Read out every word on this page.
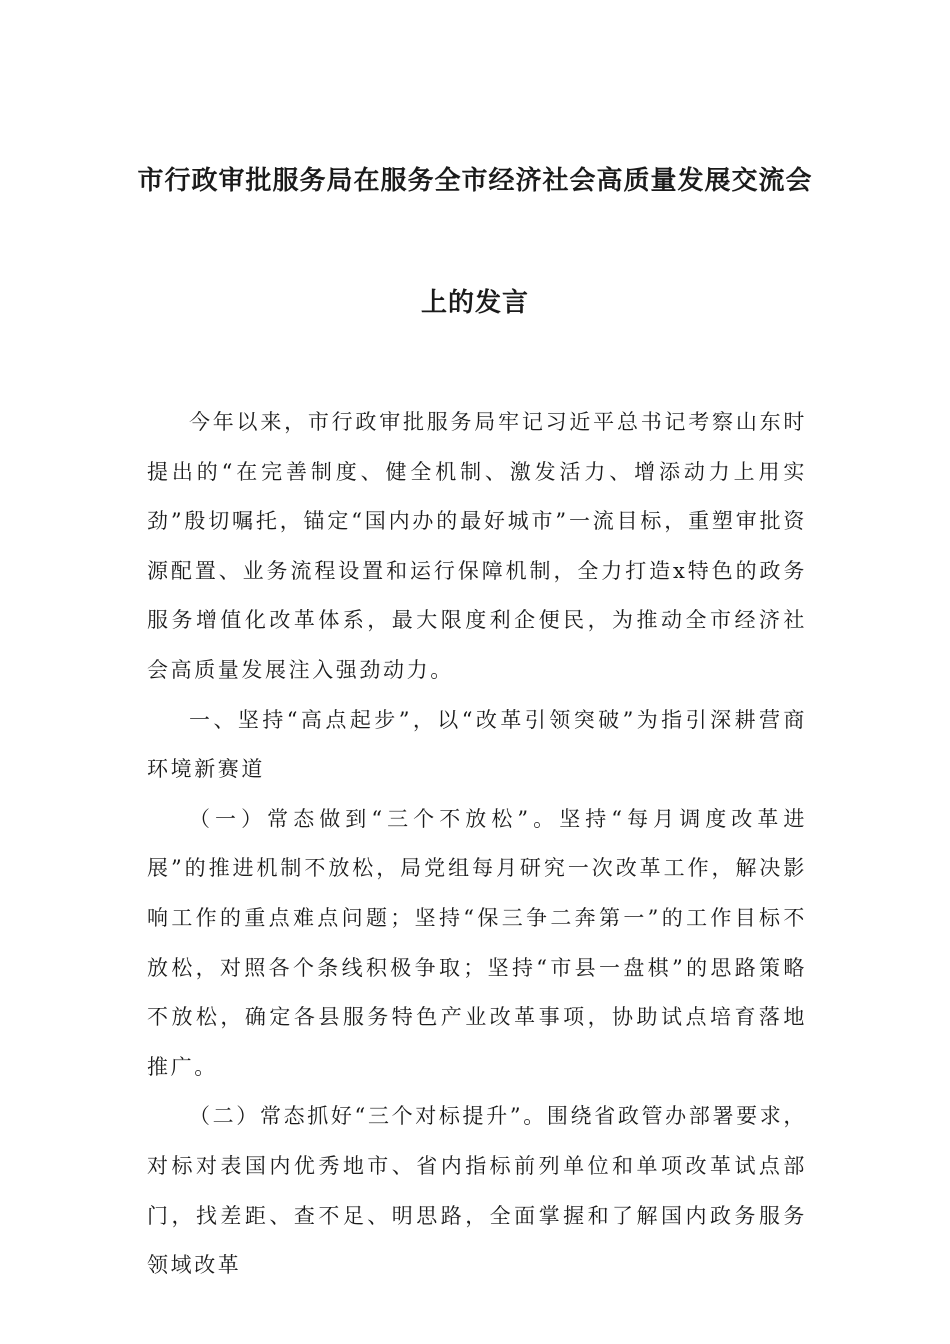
市行政审批服务局在服务全市经济社会高质量发展交流会
上的发言

今年以来，市行政审批服务局牢记习近平总书记考察山东时提出的“在完善制度、健全机制、激发活力、增添动力上用实劲”殷切嘱托，锚定“国内办的最好城市”一流目标，重塑审批资源配置、业务流程设置和运行保障机制，全力打造x特色的政务服务增值化改革体系，最大限度利企便民，为推动全市经济社会高质量发展注入强劲动力。

一、坚持“高点起步”，以“改革引领突破”为指引深耕营商环境新赛道

（一）常态做到“三个不放松”。坚持“每月调度改革进展”的推进机制不放松，局党组每月研究一次改革工作，解决影响工作的重点难点问题；坚持“保三争二奔第一”的工作目标不放松，对照各个条线积极争取；坚持“市县一盘棋”的思路策略不放松，确定各县服务特色产业改革事项，协助试点培育落地推广。

（二）常态抓好“三个对标提升”。围绕省政管办部署要求，对标对表国内优秀地市、省内指标前列单位和单项改革试点部门，找差距、查不足、明思路，全面掌握和了解国内政务服务领域改革
